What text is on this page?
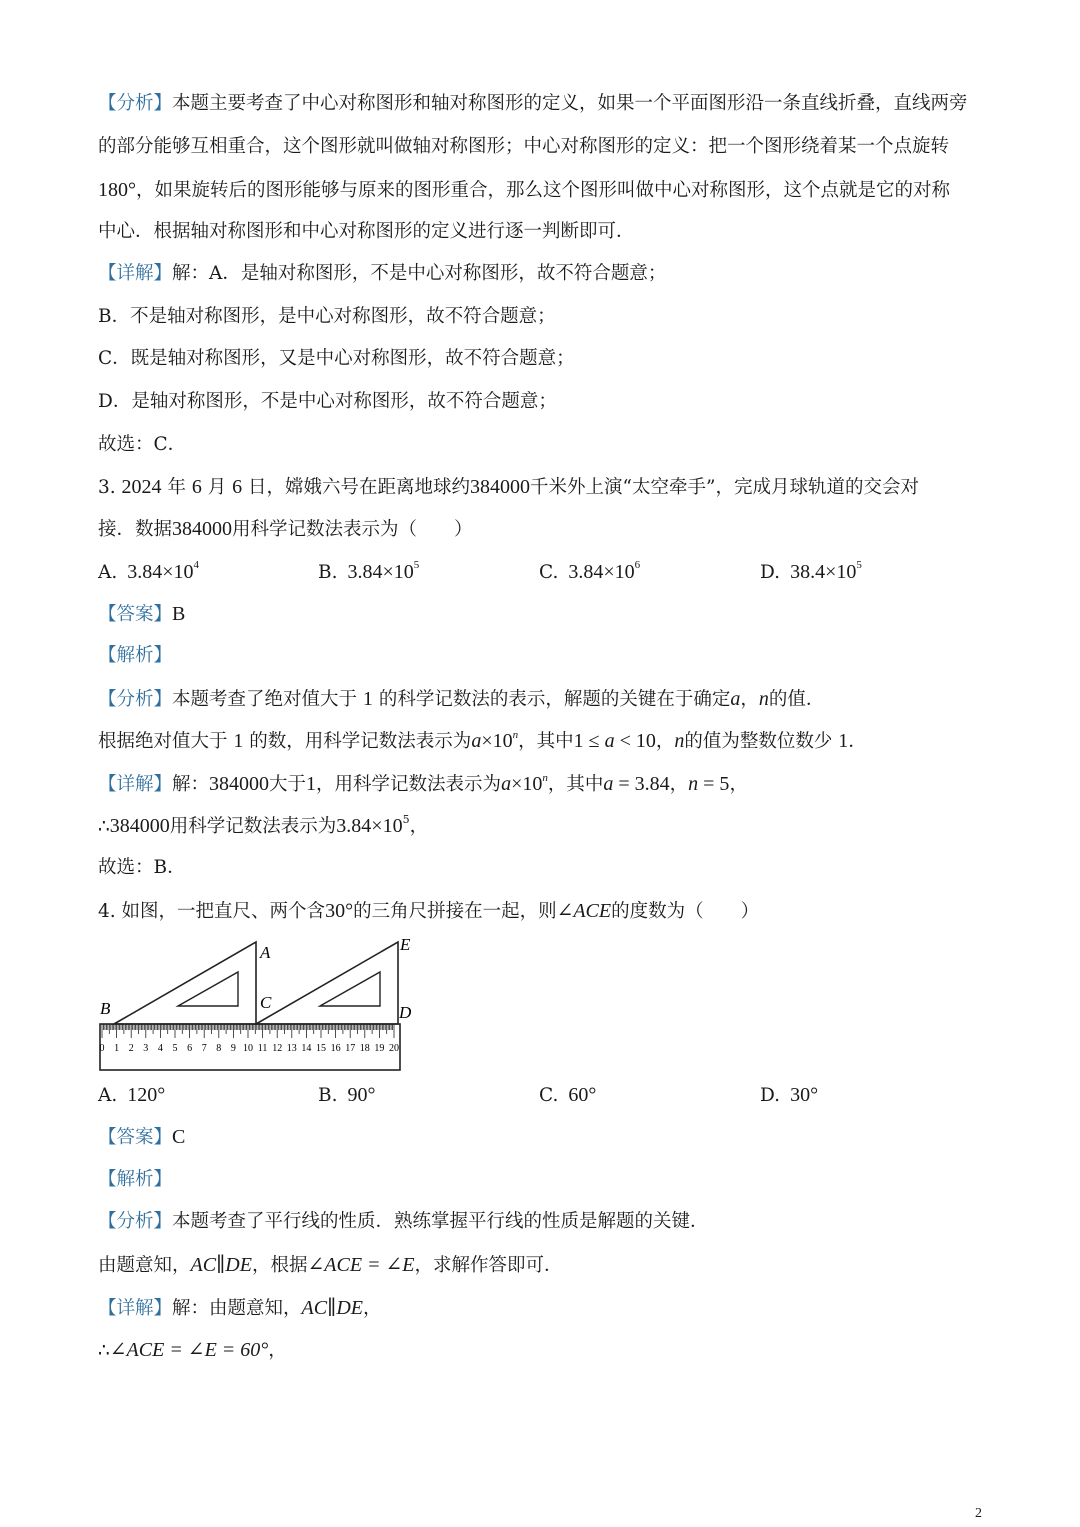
【分析】本题主要考查了中心对称图形和轴对称图形的定义，如果一个平面图形沿一条直线折叠，直线两旁
的部分能够互相重合，这个图形就叫做轴对称图形；中心对称图形的定义：把一个图形绕着某一个点旋转
180°，如果旋转后的图形能够与原来的图形重合，那么这个图形叫做中心对称图形，这个点就是它的对称
中心．根据轴对称图形和中心对称图形的定义进行逐一判断即可．
【详解】解：A．是轴对称图形，不是中心对称图形，故不符合题意；
B．不是轴对称图形，是中心对称图形，故不符合题意；
C．既是轴对称图形，又是中心对称图形，故不符合题意；
D．是轴对称图形，不是中心对称图形，故不符合题意；
故选：C．
3. 2024 年 6 月 6 日，嫦娥六号在距离地球约384000千米外上演“太空牵手”，完成月球轨道的交会对
接．数据384000用科学记数法表示为（　　）
A. $3.84\times 10^4$	B. $3.84\times 10^5$	C. $3.84\times 10^6$	D. $38.4\times 10^5$
【答案】B
【解析】
【分析】本题考查了绝对值大于 1 的科学记数法的表示，解题的关键在于确定a，n的值．
根据绝对值大于 1 的数，用科学记数法表示为$a\times 10^n$，其中1 ≤ a < 10，n的值为整数位数少 1．
【详解】解：384000大于1，用科学记数法表示为$a\times 10^n$，其中a = 3.84，n = 5，
∴384000用科学记数法表示为$3.84\times 10^5$，
故选：B．
4. 如图，一把直尺、两个含30°的三角尺拼接在一起，则∠ACE的度数为（　　）
0 1 2 3 4 5 6 7 8 9 10 11 12 13 14 15 16 17 18 19 20
B
A
C
E
D
A. 120°	B. 90°	C. 60°	D. 30°
【答案】C
【解析】
【分析】本题考查了平行线的性质．熟练掌握平行线的性质是解题的关键．
由题意知，AC∥DE，根据∠ACE = ∠E，求解作答即可．
【详解】解：由题意知，AC∥DE，
∴∠ACE = ∠E = 60°，
2
